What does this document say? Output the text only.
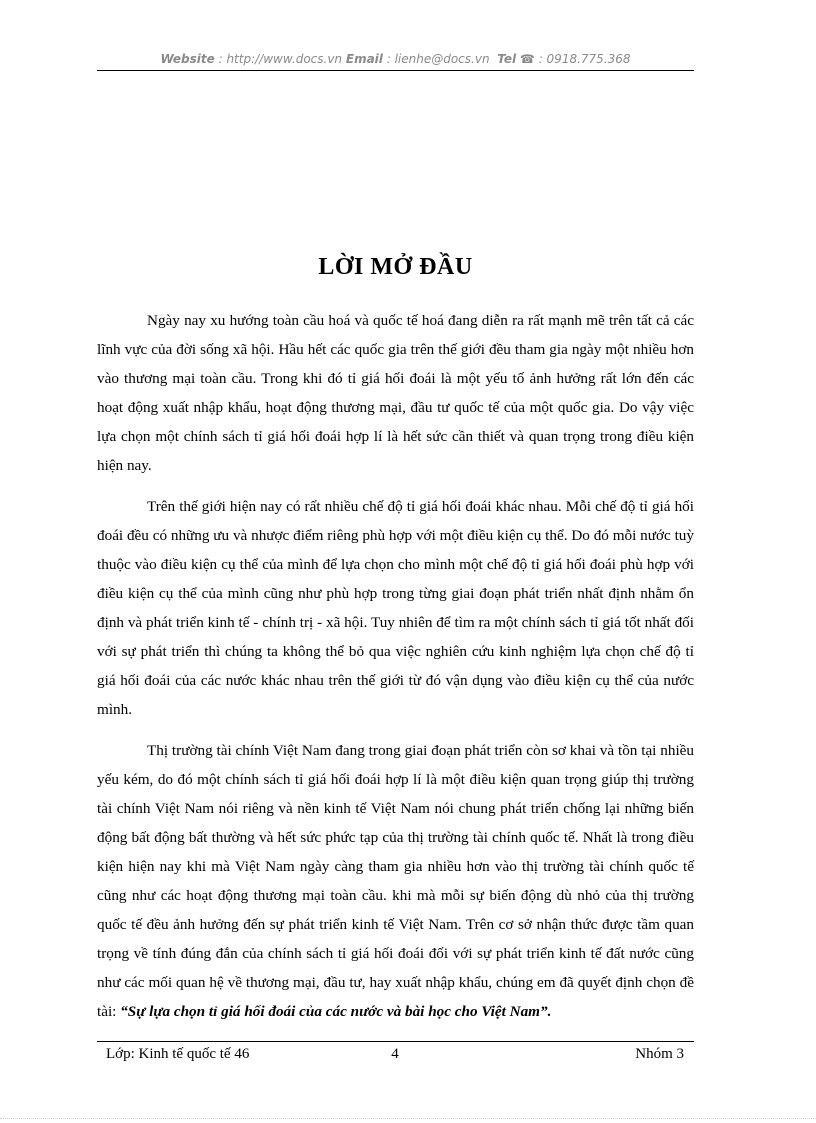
Website : http://www.docs.vn Email : lienhe@docs.vn Tel ☎ : 0918.775.368
LỜI MỞ ĐẦU

Ngày nay xu hướng toàn cầu hoá và quốc tế hoá đang diễn ra rất mạnh mẽ trên tất cả các lĩnh vực của đời sống xã hội. Hầu hết các quốc gia trên thế giới đều tham gia ngày một nhiều hơn vào thương mại toàn cầu. Trong khi đó tỉ giá hối đoái là một yếu tố ảnh hưởng rất lớn đến các hoạt động xuất nhập khẩu, hoạt động thương mại, đầu tư quốc tế của một quốc gia. Do vậy việc lựa chọn một chính sách tỉ giá hối đoái hợp lí là hết sức cần thiết và quan trọng trong điều kiện hiện nay.

Trên thế giới hiện nay có rất nhiều chế độ tỉ giá hối đoái khác nhau. Mỗi chế độ tỉ giá hối đoái đều có những ưu và nhược điểm riêng phù hợp với một điều kiện cụ thể. Do đó mỗi nước tuỳ thuộc vào điều kiện cụ thể của mình để lựa chọn cho mình một chế độ tỉ giá hối đoái phù hợp với điều kiện cụ thể của mình cũng như phù hợp trong từng giai đoạn phát triển nhất định nhằm ổn định và phát triển kinh tế - chính trị - xã hội. Tuy nhiên để tìm ra một chính sách tỉ giá tốt nhất đối với sự phát triển thì chúng ta không thể bỏ qua việc nghiên cứu kinh nghiệm lựa chọn chế độ tỉ giá hối đoái của các nước khác nhau trên thế giới từ đó vận dụng vào điều kiện cụ thể của nước mình.

Thị trường tài chính Việt Nam đang trong giai đoạn phát triển còn sơ khai và tồn tại nhiều yếu kém, do đó một chính sách tỉ giá hối đoái hợp lí là một điều kiện quan trọng giúp thị trường tài chính Việt Nam nói riêng và nền kinh tế Việt Nam nói chung phát triển chống lại những biến động bất động bất thường và hết sức phức tạp của thị trường tài chính quốc tế. Nhất là trong điều kiện hiện nay khi mà Việt Nam ngày càng tham gia nhiều hơn vào thị trường tài chính quốc tế cũng như các hoạt động thương mại toàn cầu. khi mà mỗi sự biến động dù nhỏ của thị trường quốc tế đều ảnh hưởng đến sự phát triển kinh tế Việt Nam. Trên cơ sở nhận thức được tầm quan trọng về tính đúng đắn của chính sách tỉ giá hối đoái đối với sự phát triển kinh tế đất nước cũng như các mối quan hệ về thương mại, đầu tư, hay xuất nhập khẩu, chúng em đã quyết định chọn đề tài: “Sự lựa chọn tỉ giá hối đoái của các nước và bài học cho Việt Nam”.

Lớp: Kinh tế quốc tế 46	4	Nhóm 3
